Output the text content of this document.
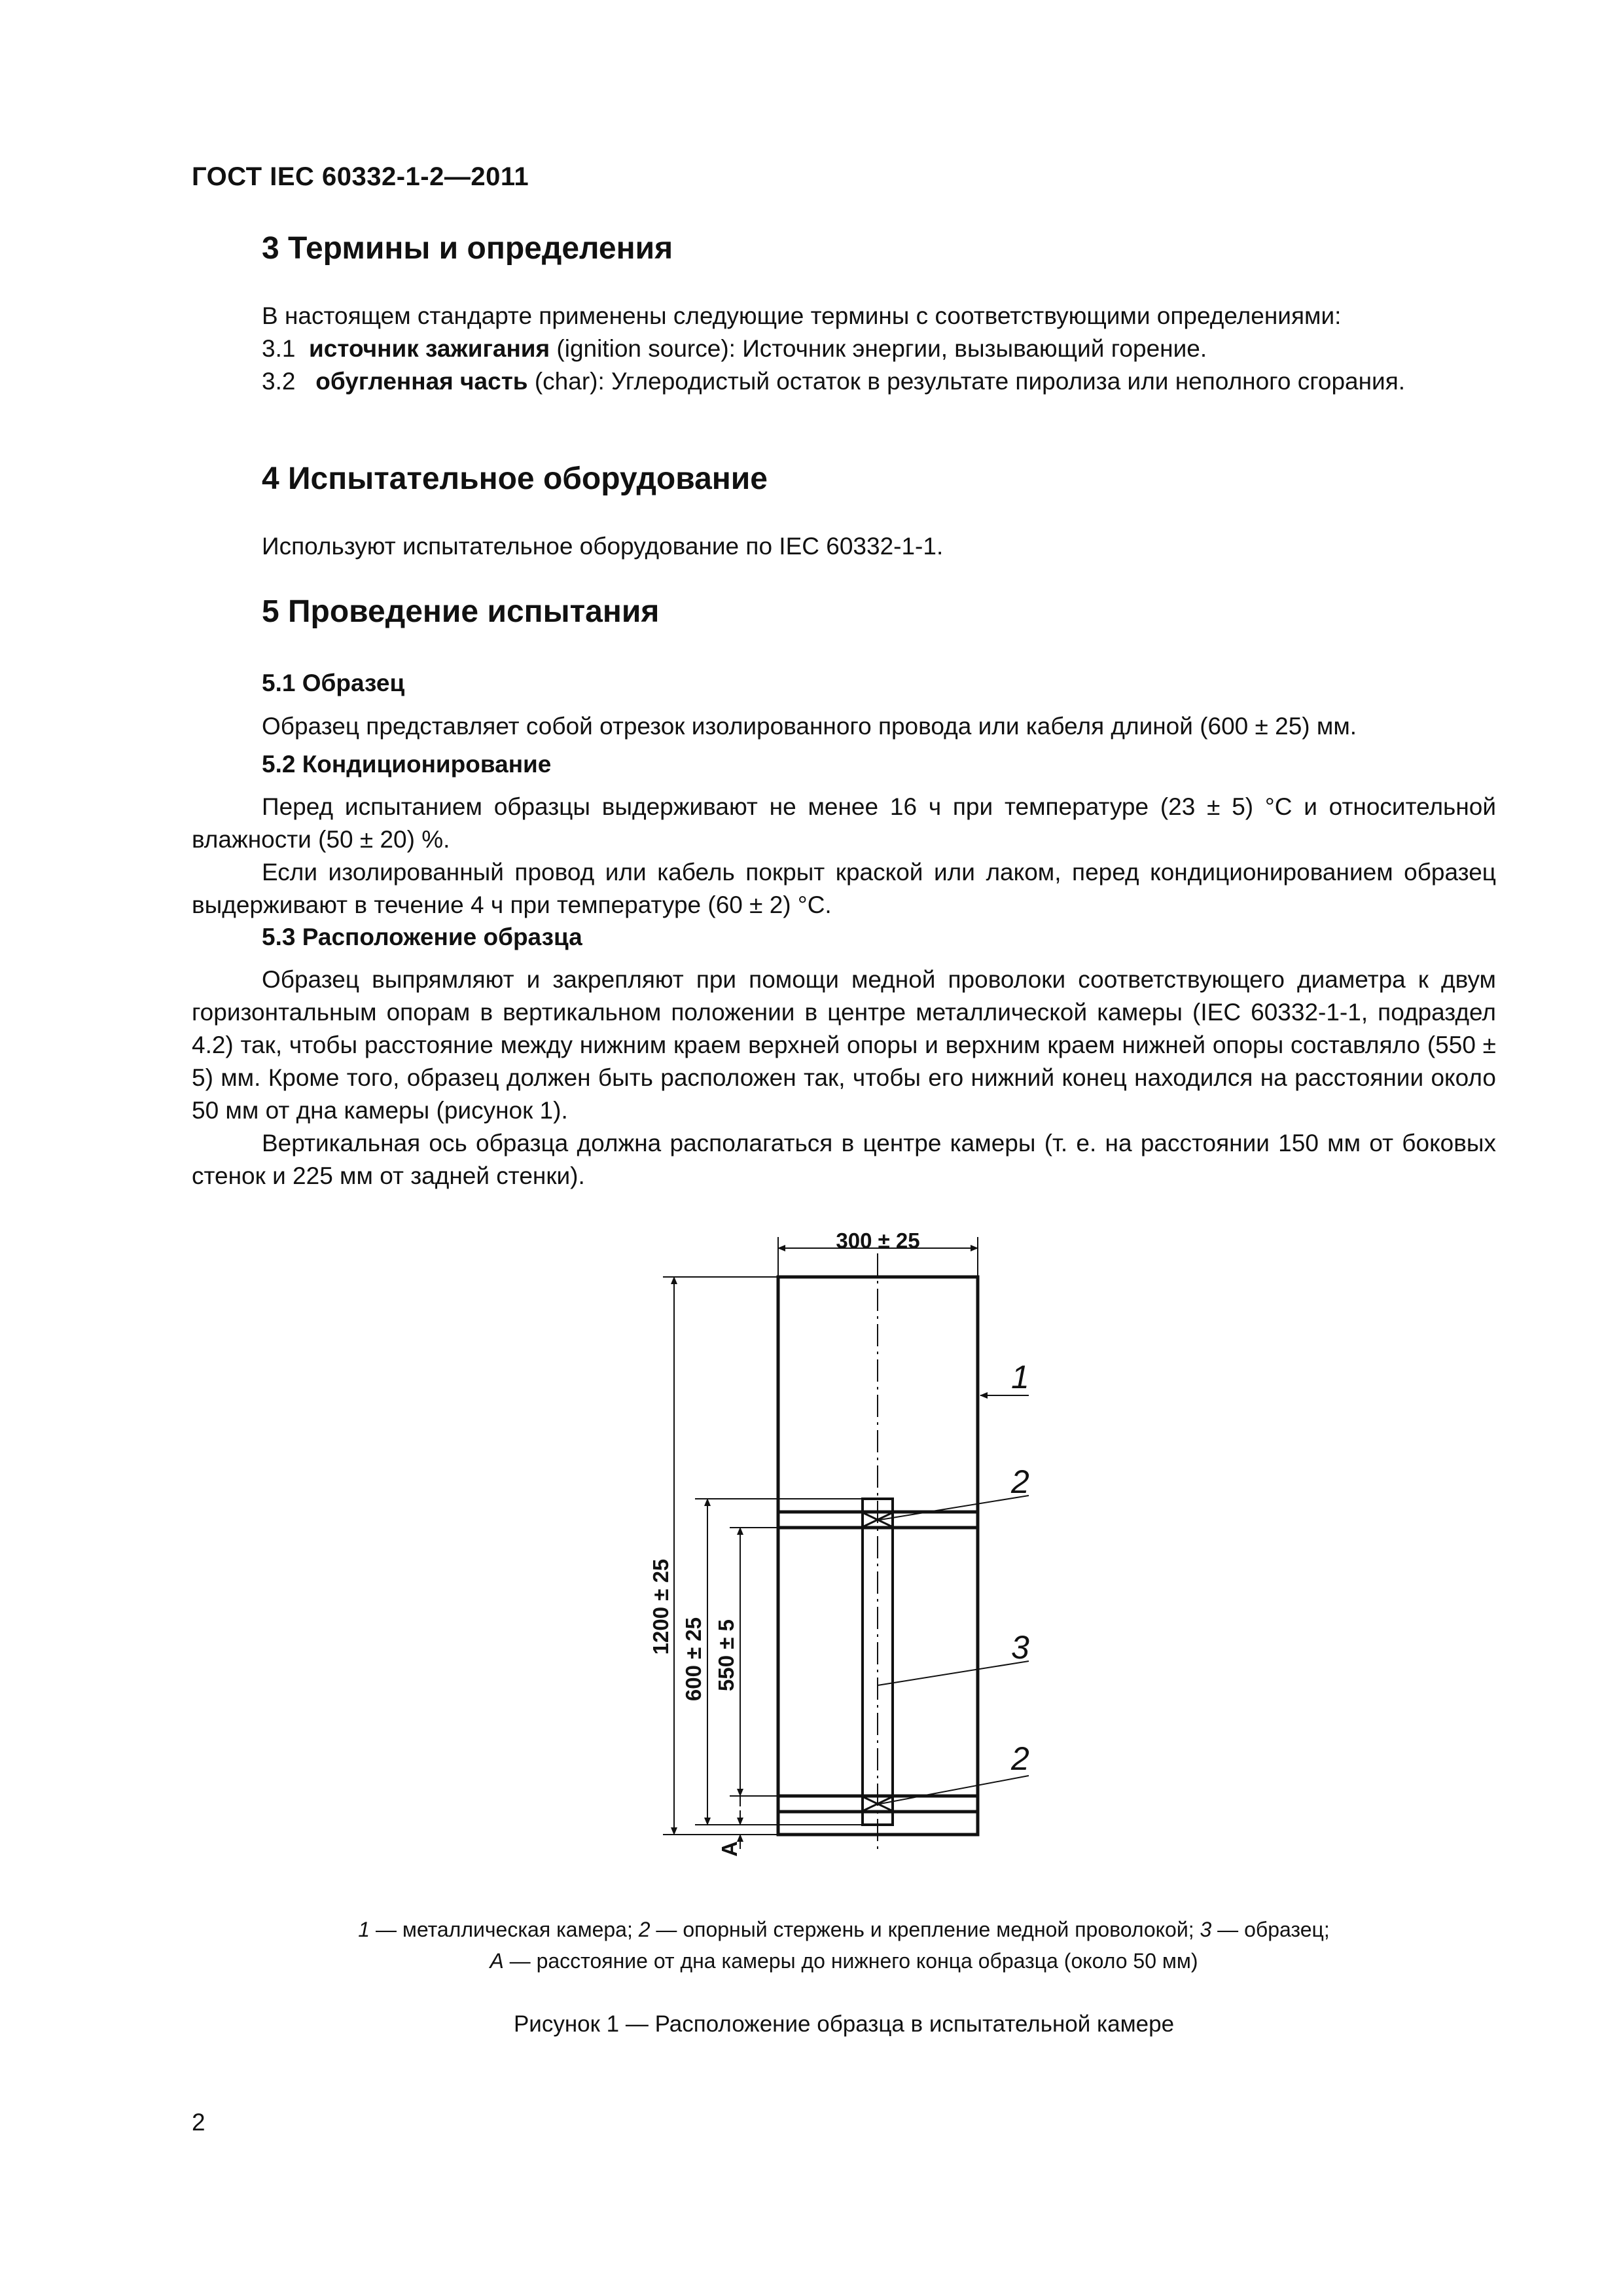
ГОСТ IEC 60332-1-2—2011
3 Термины и определения

В настоящем стандарте применены следующие термины с соответствующими определениями:

3.1 источник зажигания (ignition source): Источник энергии, вызывающий горение.

3.2 обугленная часть (char): Углеродистый остаток в результате пиролиза или неполного сгорания.

4 Испытательное оборудование
Используют испытательное оборудование по IEC 60332-1-1.
5 Проведение испытания
5.1 Образец
Образец представляет собой отрезок изолированного провода или кабеля длиной (600 ± 25) мм.
5.2 Кондиционирование

Перед испытанием образцы выдерживают не менее 16 ч при температуре (23 ± 5) °C и относительной влажности (50 ± 20) %.

Если изолированный провод или кабель покрыт краской или лаком, перед кондиционированием образец выдерживают в течение 4 ч при температуре (60 ± 2) °C.

5.3 Расположение образца

Образец выпрямляют и закрепляют при помощи медной проволоки соответствующего диаметра к двум горизонтальным опорам в вертикальном положении в центре металлической камеры (IEC 60332-1-1, подраздел 4.2) так, чтобы расстояние между нижним краем верхней опоры и верхним краем нижней опоры составляло (550 ± 5) мм. Кроме того, образец должен быть расположен так, чтобы его нижний конец находился на расстоянии около 50 мм от дна камеры (рисунок 1).

Вертикальная ось образца должна располагаться в центре камеры (т. е. на расстоянии 150 мм от боковых стенок и 225 мм от задней стенки).

300 ± 25
1200 ± 25
600 ± 25 550 ± 5
A
1
2
3
2
1 — металлическая камера; 2 — опорный стержень и крепление медной проволокой; 3 — образец;
A — расстояние от дна камеры до нижнего конца образца (около 50 мм)
Рисунок 1 — Расположение образца в испытательной камере
2
